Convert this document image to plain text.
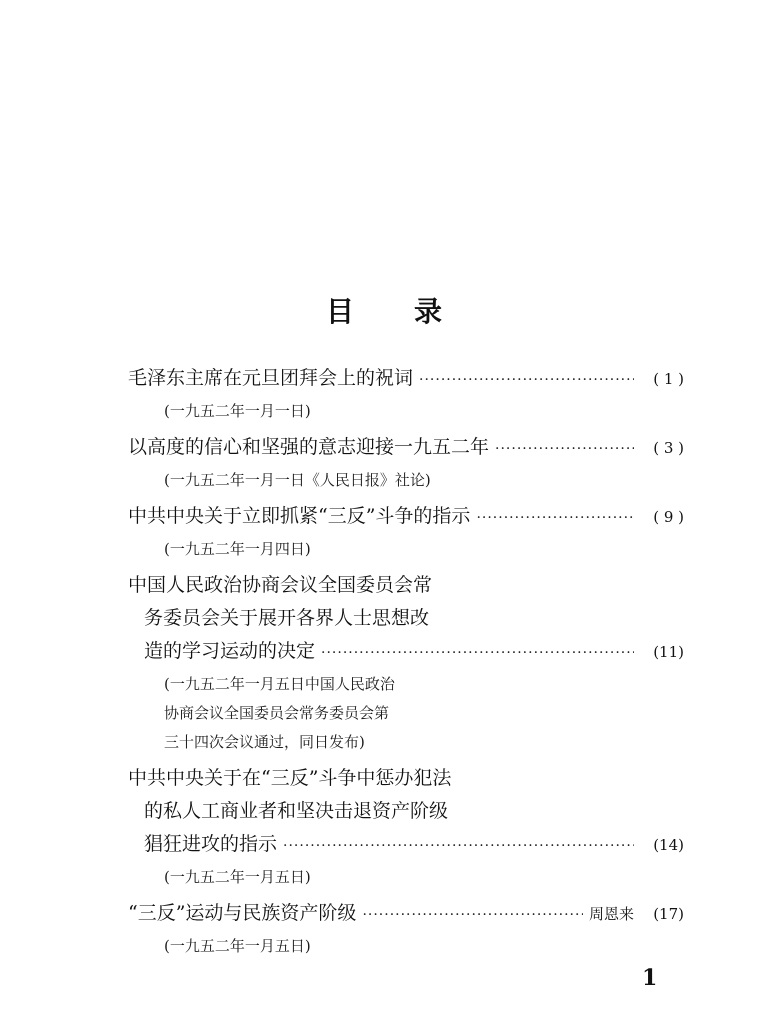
目录
毛泽东主席在元旦团拜会上的祝词 ·····	( 1 )
(一九五二年一月一日)
以高度的信心和坚强的意志迎接一九五二年 ·····	( 3 )
(一九五二年一月一日《人民日报》社论)
中共中央关于立即抓紧“三反”斗争的指示 ·····	( 9 )
(一九五二年一月四日)
中国人民政治协商会议全国委员会常
务委员会关于展开各界人士思想改
造的学习运动的决定 ·····	(11)
(一九五二年一月五日中国人民政治
协商会议全国委员会常务委员会第
三十四次会议通过，同日发布)
中共中央关于在“三反”斗争中惩办犯法
的私人工商业者和坚决击退资产阶级
猖狂进攻的指示 ·····	(14)
(一九五二年一月五日)
“三反”运动与民族资产阶级 ·····	周恩来	(17)
(一九五二年一月五日)
1
